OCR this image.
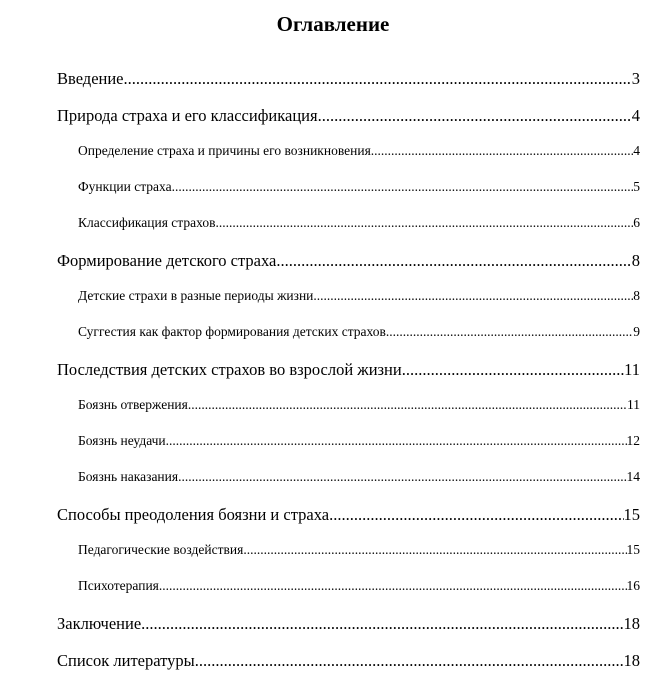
Оглавление
Введение .....	3
Природа страха и его классификация .....	4
Определение страха и причины его возникновения .....	4
Функции страха .....	5
Классификация страхов .....	6
Формирование детского страха .....	8
Детские страхи в разные периоды жизни .....	8
Суггестия как фактор формирования детских страхов .....	9
Последствия детских страхов во взрослой жизни .....	11
Боязнь отвержения .....	11
Боязнь неудачи .....	12
Боязнь наказания .....	14
Способы преодоления боязни и страха .....	15
Педагогические воздействия .....	15
Психотерапия .....	16
Заключение .....	18
Список литературы .....	18
